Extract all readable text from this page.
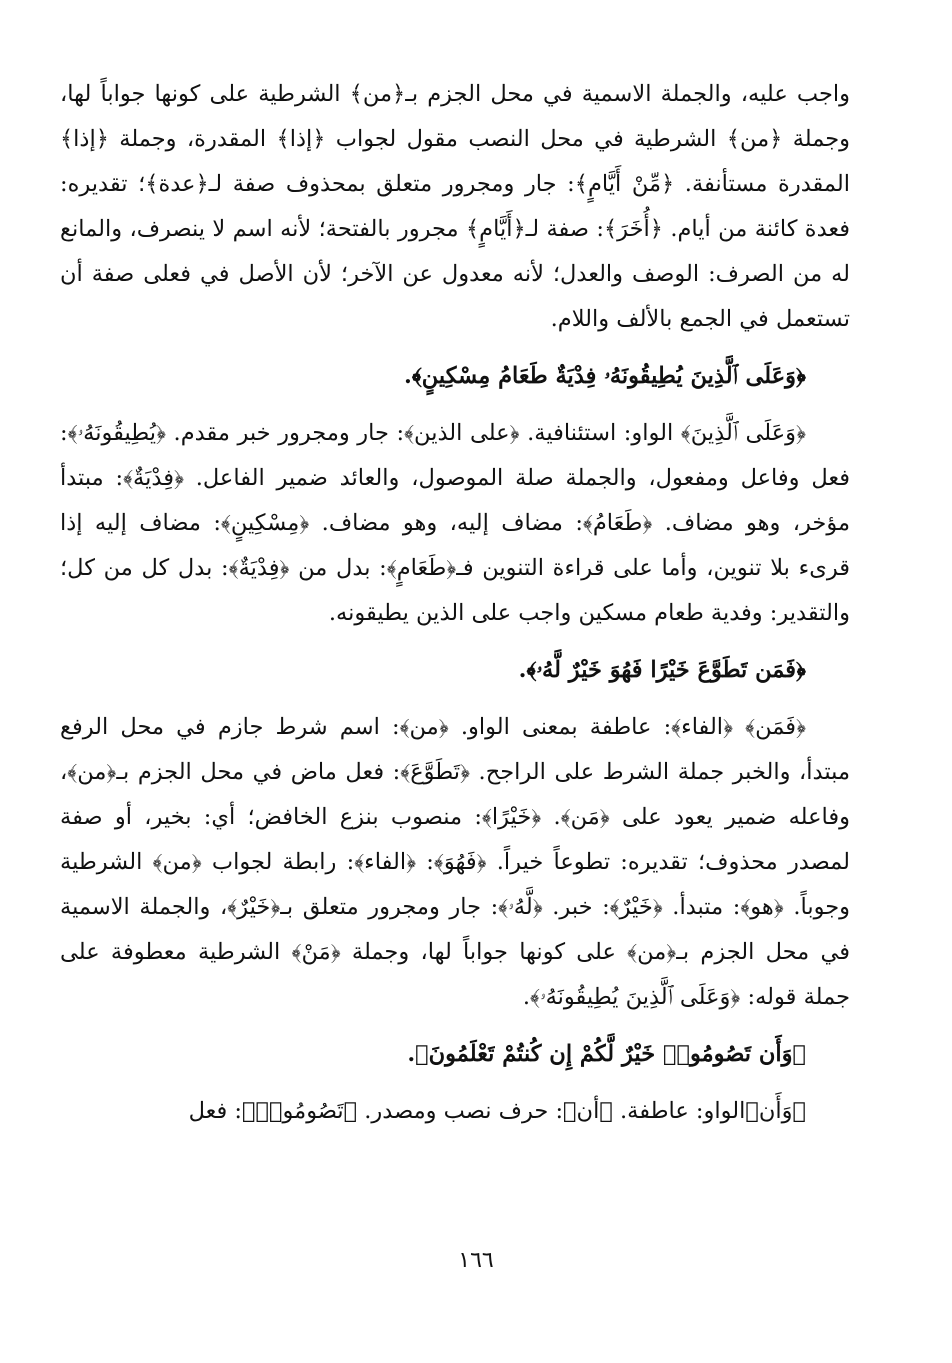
واجب عليه، والجملة الاسمية في محل الجزم بـ﴿من﴾ الشرطية على كونها جواباً لها، وجملة ﴿من﴾ الشرطية في محل النصب مقول لجواب ﴿إذا﴾ المقدرة، وجملة ﴿إذا﴾ المقدرة مستأنفة. ﴿مِّنْ أَيَّامٍ﴾: جار ومجرور متعلق بمحذوف صفة لـ﴿عدة﴾؛ تقديره: فعدة كائنة من أيام. ﴿أُخَرَ﴾: صفة لـ﴿أَيَّامٍ﴾ مجرور بالفتحة؛ لأنه اسم لا ينصرف، والمانع له من الصرف: الوصف والعدل؛ لأنه معدول عن الآخر؛ لأن الأصل في فعلى صفة أن تستعمل في الجمع بالألف واللام.

﴿وَعَلَى ٱلَّذِينَ يُطِيقُونَهُۥ فِدْيَةٌ طَعَامُ مِسْكِينٍ﴾.

﴿وَعَلَى ٱلَّذِينَ﴾ الواو: استئنافية. ﴿على الذين﴾: جار ومجرور خبر مقدم. ﴿يُطِيقُونَهُۥ﴾: فعل وفاعل ومفعول، والجملة صلة الموصول، والعائد ضمير الفاعل. ﴿فِدْيَةٌ﴾: مبتدأ مؤخر، وهو مضاف. ﴿طَعَامُ﴾: مضاف إليه، وهو مضاف. ﴿مِسْكِينٍ﴾: مضاف إليه إذا قرىء بلا تنوين، وأما على قراءة التنوين فـ﴿طَعَامٍ﴾: بدل من ﴿فِدْيَةٌ﴾: بدل كل من كل؛ والتقدير: وفدية طعام مسكين واجب على الذين يطيقونه.

﴿فَمَن تَطَوَّعَ خَيْرًا فَهُوَ خَيْرٌ لَّهُۥ﴾.

﴿فَمَن﴾ ﴿الفاء﴾: عاطفة بمعنى الواو. ﴿من﴾: اسم شرط جازم في محل الرفع مبتدأ، والخبر جملة الشرط على الراجح. ﴿تَطَوَّعَ﴾: فعل ماض في محل الجزم بـ﴿من﴾، وفاعله ضمير يعود على ﴿مَن﴾. ﴿خَيْرًا﴾: منصوب بنزع الخافض؛ أي: بخير، أو صفة لمصدر محذوف؛ تقديره: تطوعاً خيراً. ﴿فَهُوَ﴾: ﴿الفاء﴾: رابطة لجواب ﴿من﴾ الشرطية وجوباً. ﴿هو﴾: متبدأ. ﴿خَيْرٌ﴾: خبر. ﴿لَّهُۥ﴾: جار ومجرور متعلق بـ﴿خَيْرٌ﴾، والجملة الاسمية في محل الجزم بـ﴿من﴾ على كونها جواباً لها، وجملة ﴿مَنْ﴾ الشرطية معطوفة على جملة قوله: ﴿وَعَلَى ٱلَّذِينَ يُطِيقُونَهُۥ﴾.

﴿وَأَن تَصُومُوا۟ خَيْرٌ لَّكُمْ إِن كُنتُمْ تَعْلَمُونَ﴾.

﴿وَأَن﴾الواو: عاطفة. ﴿أن﴾: حرف نصب ومصدر. ﴿تَصُومُوا۟﴾: فعل

١٦٦
